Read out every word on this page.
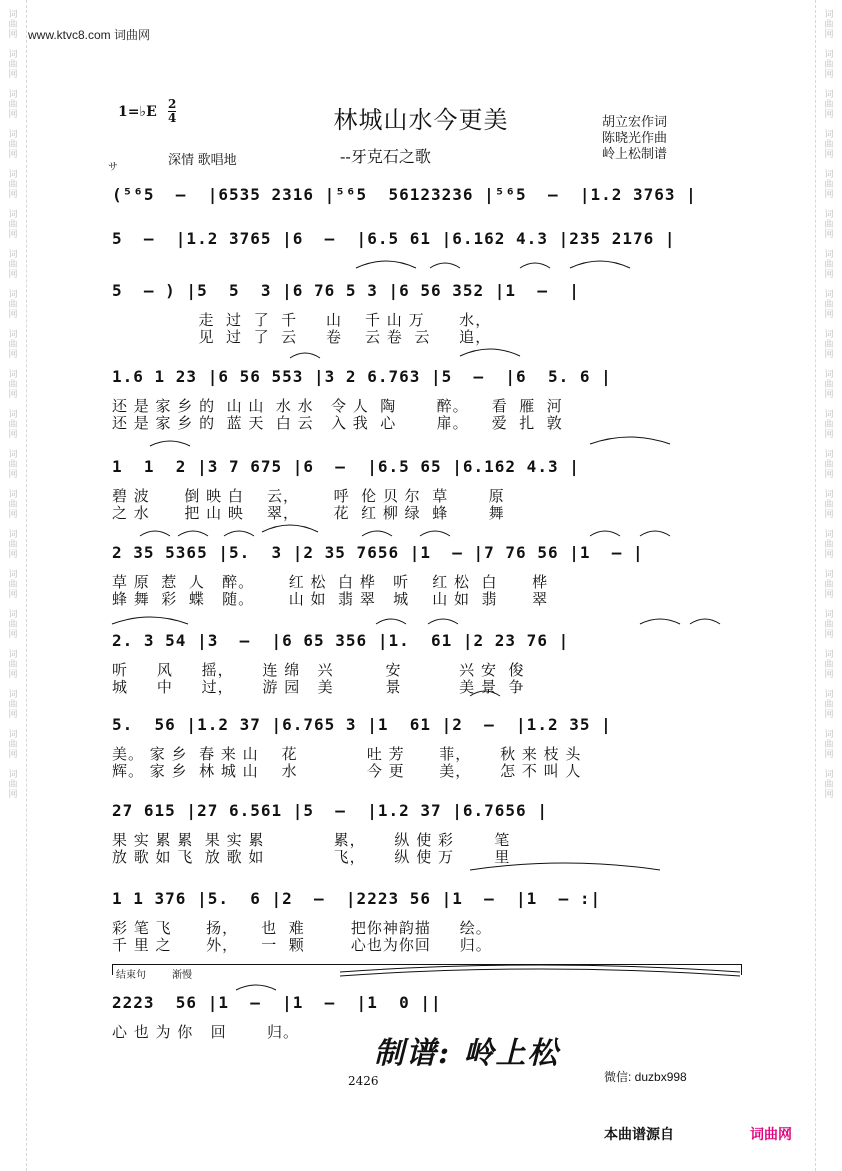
词曲网
词曲网
词曲网
词曲网
词曲网
词曲网
词曲网
词曲网
词曲网
词曲网
词曲网
词曲网
词曲网
词曲网
词曲网
词曲网
词曲网
词曲网
词曲网
词曲网
词曲网
词曲网
词曲网
词曲网
词曲网
词曲网
词曲网
词曲网
词曲网
词曲网
词曲网
词曲网
词曲网
词曲网
词曲网
词曲网
词曲网
词曲网
词曲网
词曲网
www.ktvc8.com 词曲网
1=♭E 2
4	林城山水今更美
--牙克石之歌
深情 歌唱地
胡立宏作词
陈晓光作曲
岭上松制谱
サ
(⁵⁶5  –  |6535 2316 |⁵⁶5  56123236 |⁵⁶5  –  |1.2 3763 |
5  –  |1.2 3765 |6  –  |6.5 61 |6.162 4.3 |235 2176 |
5  – ) |5  5  3 |6 76 5 3 |6 56 352 |1  –  |
走  过  了  千     山    千 山 万      水，
见  过  了  云     卷    云 卷  云     追，
1.6 1 23 |6 56 553 |3 2 6.763 |5  –  |6  5. 6 |
还 是 家 乡 的  山 山  水 水   令 人  陶       醉。    看  雁  河
还 是 家 乡 的  蓝 天  白 云   入 我  心       扉。    爱  扎  敦
1  1  2 |3 7 675 |6  –  |6.5 65 |6.162 4.3 |
碧 波      倒 映 白    云，      呼  伦 贝 尔  草       原
之 水      把 山 映    翠，      花  红 柳 绿  蜂       舞
2 35 5365 |5.  3 |2 35 7656 |1  – |7 76 56 |1  – |
草 原  惹  人   醉。      红 松  白 桦   听    红 松  白      桦
蜂 舞  彩  蝶   随。      山 如  翡 翠   城    山 如  翡      翠
2. 3 54 |3  –  |6 65 356 |1.  61 |2 23 76 |
听     风     摇，     连 绵   兴         安          兴 安  俊
城     中     过，     游 园   美         景          美 景  争
5.  56 |1.2 37 |6.765 3 |1  61 |2  –  |1.2 35 |
美。 家 乡  春 来 山    花            吐 芳      菲，     秋 来 枝 头
辉。 家 乡  林 城 山    水            今 更      美，     怎 不 叫 人
27 615 |27 6.561 |5  –  |1.2 37 |6.7656 |
果 实 累 累  果 实 累            累，     纵 使 彩       笔
放 歌 如 飞  放 歌 如            飞，     纵 使 万       里
1 1 376 |5.  6 |2  –  |2223 56 |1  –  |1  – :|
彩 笔 飞      扬，    也  难        把你神韵描     绘。
千 里 之      外，    一  颗        心也为你回     归。
2223  56 |1  –  |1  –  |1  0 ||
心 也 为 你   回       归。
结束句	渐慢
制谱: 岭上松
2426	微信: duzbx998
本曲谱源自	词曲网
